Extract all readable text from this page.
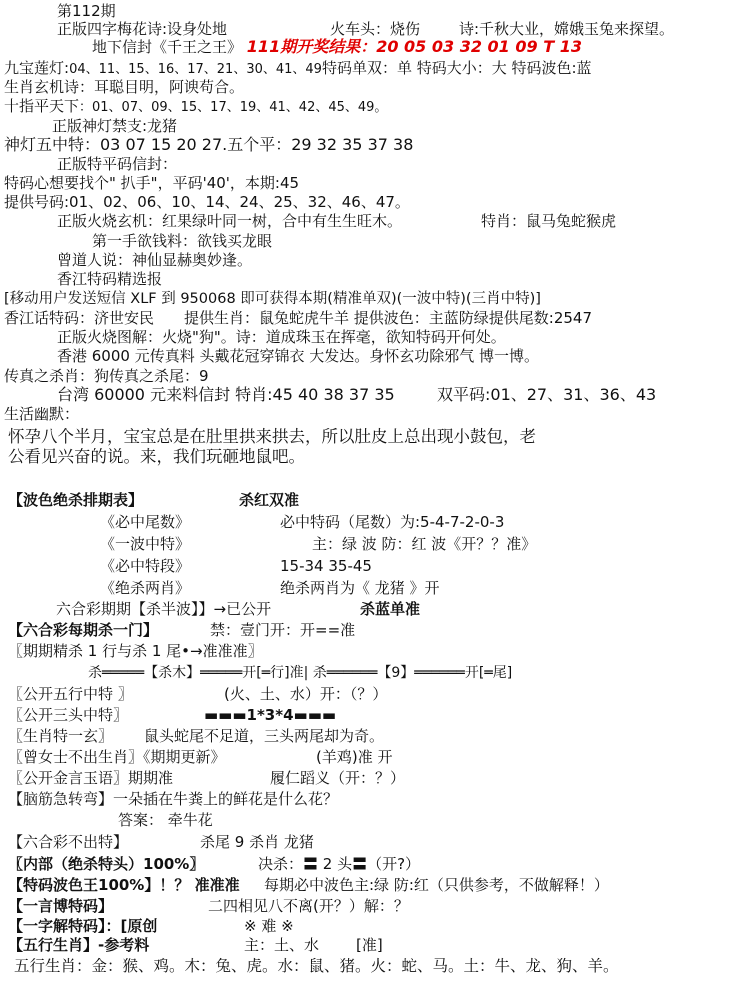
第112期
正版四字梅花诗:设身处地	火车头：烧伤	诗:千秋大业，嫦娥玉兔来探望。
地下信封《千王之王》 111期开奖结果：20 05 03 32 01 09 T 13
九宝莲灯:04、11、15、16、17、21、30、41、49特码单双：单 特码大小：大 特码波色:蓝
生肖玄机诗：耳聪目明，阿谀苟合。
十指平天下：01、07、09、15、17、19、41、42、45、49。
正版神灯禁支:龙猪
神灯五中特：03 07 15 20 27.五个平：29 32 35 37 38
正版特平码信封：
特码心想要找个" 扒手"，平码'40'，本期:45
提供号码:01、02、06、10、14、24、25、32、46、47。
正版火烧玄机：红果绿叶同一树，合中有生生旺木。	特肖：鼠马兔蛇猴虎
第一手欲钱料：欲钱买龙眼
曾道人说：神仙显赫奥妙逢。
香江特码精选报
[移动用户发送短信 XLF 到 950068 即可获得本期(精准单双)(一波中特)(三肖中特)]
香江话特码：济世安民 提供生肖：鼠兔蛇虎牛羊 提供波色：主蓝防绿提供尾数:2547
正版火烧图解：火烧"狗"。诗：道成珠玉在挥毫，欲知特码开何处。
香港 6000 元传真料 头戴花冠穿锦衣 大发达。身怀玄功除邪气 博一博。
传真之杀肖：狗传真之杀尾：9
台湾 60000 元来料信封 特肖:45 40 38 37 35	双平码:01、27、31、36、43
生活幽默：
怀孕八个半月，宝宝总是在肚里拱来拱去，所以肚皮上总出现小鼓包，老
公看见兴奋的说。来，我们玩砸地鼠吧。
【波色绝杀排期表】	杀红双准
《必中尾数》	必中特码（尾数）为:5-4-7-2-0-3
《一波中特》	主：绿 波 防：红 波《开？？准》
《必中特段》	15-34 35-45
《绝杀两肖》	绝杀两肖为《 龙猪 》开
六合彩期期【杀半波】】→已公开	杀蓝单准
【六合彩每期杀一门】	禁：壹门开：开==准
〖期期精杀 1 行与杀 1 尾•→准准准〗
杀═════【杀木】═════开[═行]准| 杀══════【9】══════开[═尾]
〖公开五行中特 〗	(火、土、水）开：（？）
〖公开三头中特〗	▬▬▬1*3*4▬▬▬
〖生肖特一玄〗 鼠头蛇尾不足道，三头两尾却为奇。
〖曾女士不出生肖〗《期期更新》	(羊鸡)准 开
〖公开金言玉语〗期期准	履仁蹈义（开：？）
【脑筋急转弯】一朵插在牛粪上的鲜花是什么花？
答案： 牵牛花
【六合彩不出特】	杀尾 9 杀肖 龙猪
〖内部（绝杀特头）100%〗	决杀：〓 2 头〓（开?）
【特码波色王100%】！？ 准准准 每期必中波色主:绿 防:红（只供参考，不做解释！）
【一言博特码】	二四相见八不离(开？）解：？
【一字解特码】：[原创	※ 难 ※
【五行生肖】-参考料	主：土、水 [准]
五行生肖：金：猴、鸡。木：兔、虎。水：鼠、猪。火：蛇、马。土：牛、龙、狗、羊。
